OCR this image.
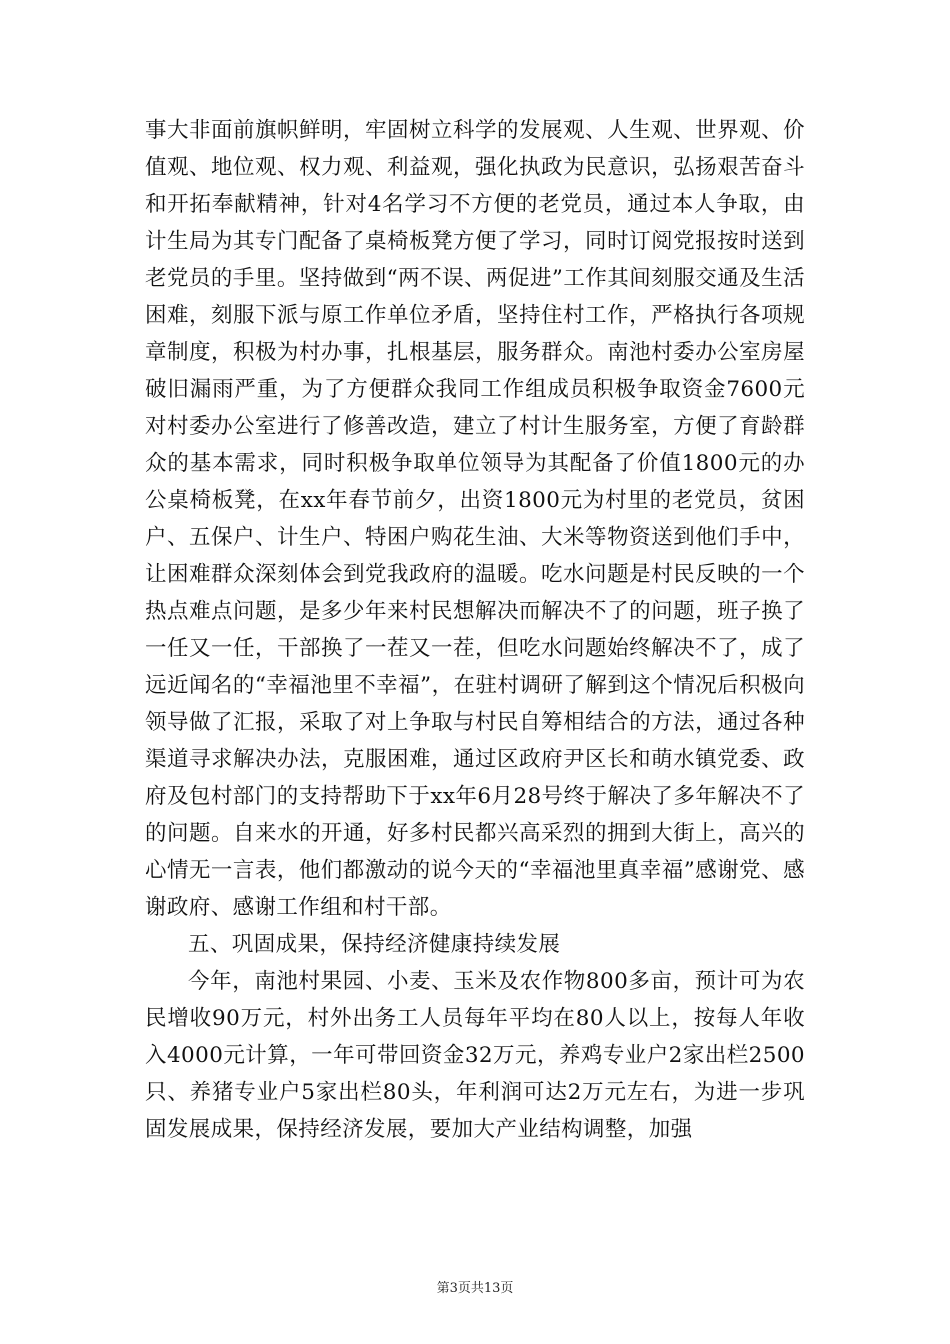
事大非面前旗帜鲜明，牢固树立科学的发展观、人生观、世界观、价值观、地位观、权力观、利益观，强化执政为民意识，弘扬艰苦奋斗和开拓奉献精神，针对4名学习不方便的老党员，通过本人争取，由计生局为其专门配备了桌椅板凳方便了学习，同时订阅党报按时送到老党员的手里。坚持做到“两不误、两促进”工作其间刻服交通及生活困难，刻服下派与原工作单位矛盾，坚持住村工作，严格执行各项规章制度，积极为村办事，扎根基层，服务群众。南池村委办公室房屋破旧漏雨严重，为了方便群众我同工作组成员积极争取资金7600元对村委办公室进行了修善改造，建立了村计生服务室，方便了育龄群众的基本需求，同时积极争取单位领导为其配备了价值1800元的办公桌椅板凳，在xx年春节前夕，出资1800元为村里的老党员，贫困户、五保户、计生户、特困户购花生油、大米等物资送到他们手中，让困难群众深刻体会到党我政府的温暖。吃水问题是村民反映的一个热点难点问题，是多少年来村民想解决而解决不了的问题，班子换了一任又一任，干部换了一茬又一茬，但吃水问题始终解决不了，成了远近闻名的“幸福池里不幸福”，在驻村调研了解到这个情况后积极向领导做了汇报，采取了对上争取与村民自筹相结合的方法，通过各种渠道寻求解决办法，克服困难，通过区政府尹区长和萌水镇党委、政府及包村部门的支持帮助下于xx年6月28号终于解决了多年解决不了的问题。自来水的开通，好多村民都兴高采烈的拥到大街上，高兴的心情无一言表，他们都激动的说今天的“幸福池里真幸福”感谢党、感谢政府、感谢工作组和村干部。

五、巩固成果，保持经济健康持续发展

今年，南池村果园、小麦、玉米及农作物800多亩，预计可为农民增收90万元，村外出务工人员每年平均在80人以上，按每人年收入4000元计算，一年可带回资金32万元，养鸡专业户2家出栏2500只、养猪专业户5家出栏80头，年利润可达2万元左右，为进一步巩固发展成果，保持经济发展，要加大产业结构调整，加强

第3页共13页
